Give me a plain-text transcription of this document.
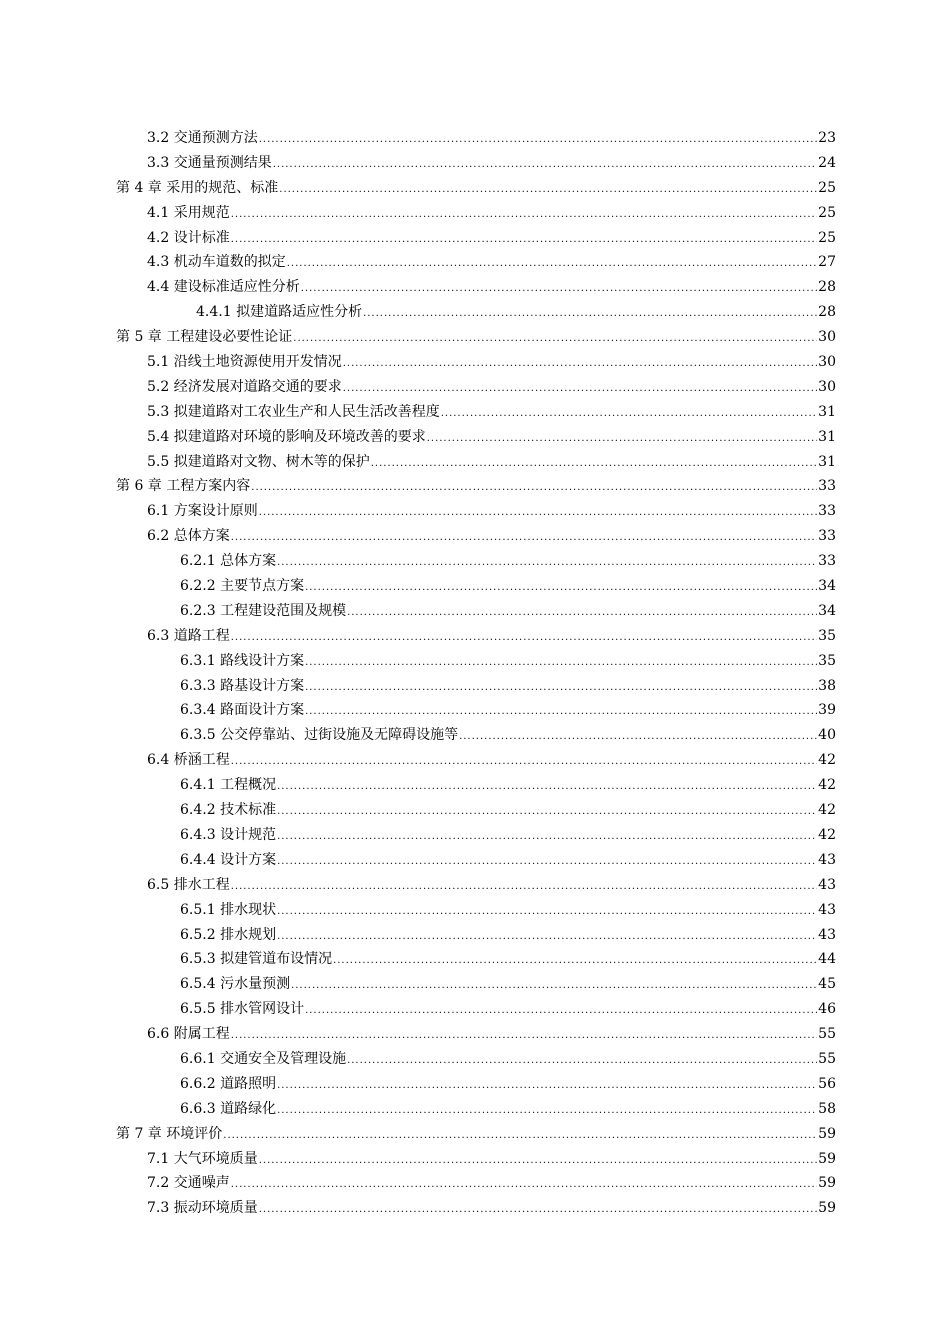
3.2 交通预测方法 .....	23
3.3 交通量预测结果 .....	24
第 4 章 采用的规范、标准 .....	25
4.1 采用规范 .....	25
4.2 设计标准 .....	25
4.3 机动车道数的拟定 .....	27
4.4 建设标准适应性分析 .....	28
4.4.1 拟建道路适应性分析 .....	28
第 5 章 工程建设必要性论证 .....	30
5.1 沿线土地资源使用开发情况 .....	30
5.2 经济发展对道路交通的要求 .....	30
5.3 拟建道路对工农业生产和人民生活改善程度 .....	31
5.4 拟建道路对环境的影响及环境改善的要求 .....	31
5.5 拟建道路对文物、树木等的保护 .....	31
第 6 章 工程方案内容 .....	33
6.1 方案设计原则 .....	33
6.2 总体方案 .....	33
6.2.1 总体方案 .....	33
6.2.2 主要节点方案 .....	34
6.2.3 工程建设范围及规模 .....	34
6.3 道路工程 .....	35
6.3.1 路线设计方案 .....	35
6.3.3 路基设计方案 .....	38
6.3.4 路面设计方案 .....	39
6.3.5 公交停靠站、过街设施及无障碍设施等 .....	40
6.4 桥涵工程 .....	42
6.4.1 工程概况 .....	42
6.4.2 技术标准 .....	42
6.4.3 设计规范 .....	42
6.4.4 设计方案 .....	43
6.5 排水工程 .....	43
6.5.1 排水现状 .....	43
6.5.2 排水规划 .....	43
6.5.3 拟建管道布设情况 .....	44
6.5.4 污水量预测 .....	45
6.5.5 排水管网设计 .....	46
6.6 附属工程 .....	55
6.6.1 交通安全及管理设施 .....	55
6.6.2 道路照明 .....	56
6.6.3 道路绿化 .....	58
第 7 章 环境评价 .....	59
7.1 大气环境质量 .....	59
7.2 交通噪声 .....	59
7.3 振动环境质量 .....	59
